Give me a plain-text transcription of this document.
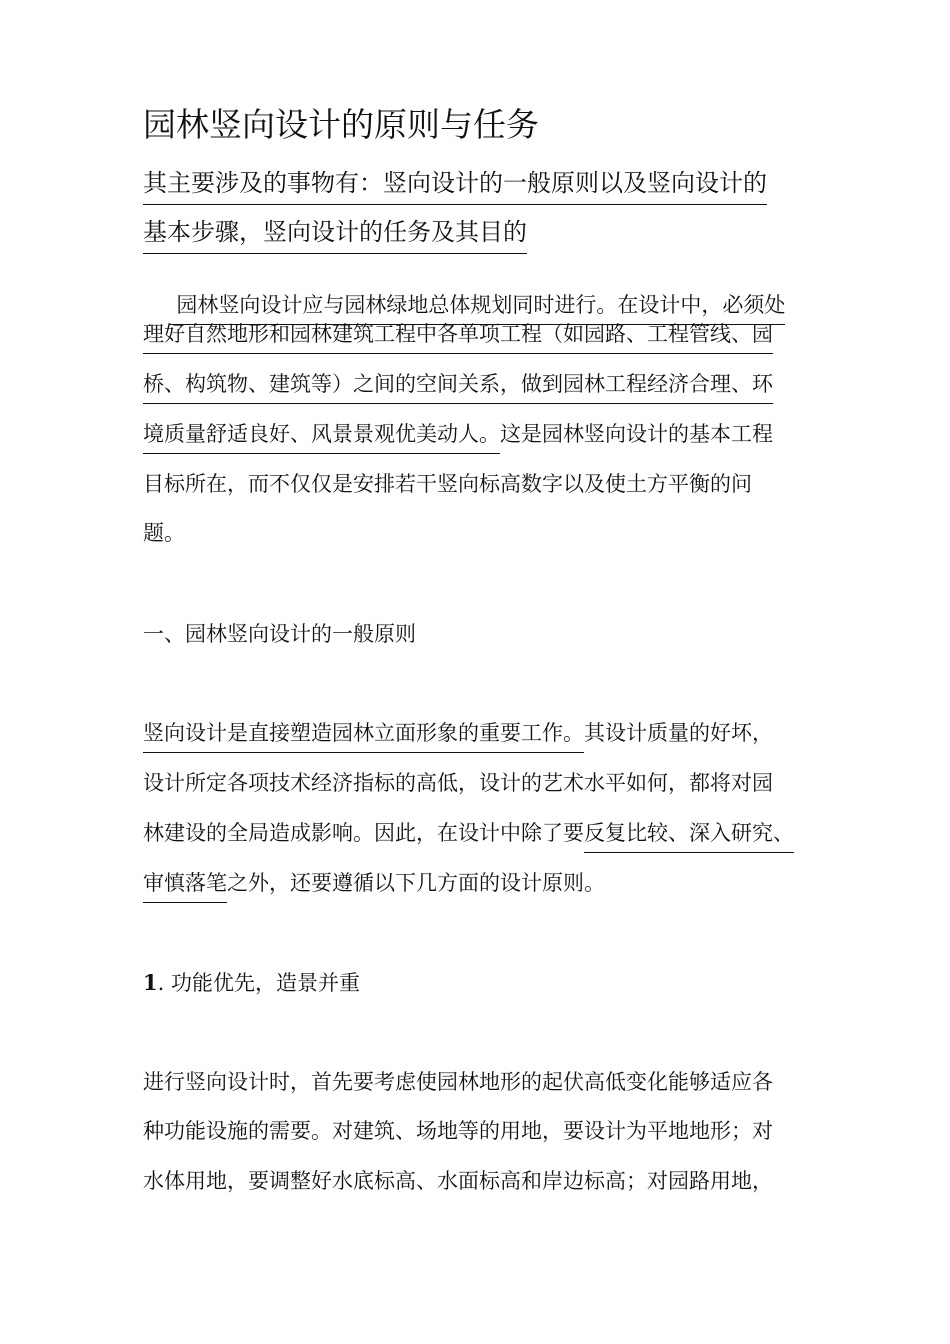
园林竖向设计的原则与任务
其主要涉及的事物有：竖向设计的一般原则以及竖向设计的
基本步骤，竖向设计的任务及其目的

园林竖向设计应与园林绿地总体规划同时进行。在设计中，必须处

理好自然地形和园林建筑工程中各单项工程（如园路、工程管线、园
桥、构筑物、建筑等）之间的空间关系，做到园林工程经济合理、环
境质量舒适良好、风景景观优美动人。这是园林竖向设计的基本工程
目标所在，而不仅仅是安排若干竖向标高数字以及使土方平衡的问
题。
一、园林竖向设计的一般原则
竖向设计是直接塑造园林立面形象的重要工作。其设计质量的好坏，
设计所定各项技术经济指标的高低，设计的艺术水平如何，都将对园
林建设的全局造成影响。因此，在设计中除了要反复比较、深入研究、
审慎落笔之外，还要遵循以下几方面的设计原则。
1. 功能优先，造景并重
进行竖向设计时，首先要考虑使园林地形的起伏高低变化能够适应各
种功能设施的需要。对建筑、场地等的用地，要设计为平地地形；对
水体用地，要调整好水底标高、水面标高和岸边标高；对园路用地，
